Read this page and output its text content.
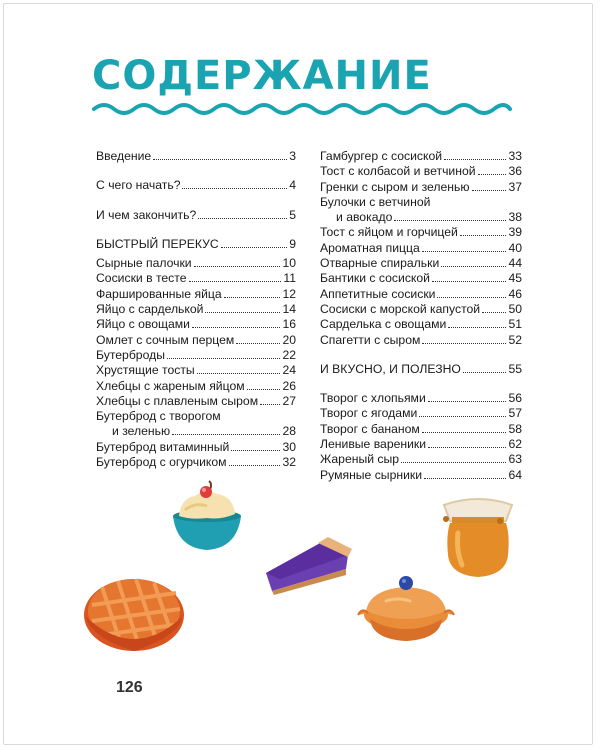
СОДЕРЖАНИЕ
Введение	3
С чего начать?	4
И чем закончить?	5
БЫСТРЫЙ ПЕРЕКУС	9
Сырные палочки	10
Сосиски в тесте	11
Фаршированные яйца	12
Яйцо с сарделькой	14
Яйцо с овощами	16
Омлет с сочным перцем	20
Бутерброды	22
Хрустящие тосты	24
Хлебцы с жареным яйцом	26
Хлебцы с плавленым сыром 27
Бутерброд с творогом
и зеленью	28
Бутерброд витаминный	30
Бутерброд с огурчиком	32
Гамбургер с сосиской	33
Тост с колбасой и ветчиной	36
Гренки с сыром и зеленью	37
Булочки с ветчиной
и авокадо	38
Тост с яйцом и горчицей	39
Ароматная пицца	40
Отварные спиральки	44
Бантики с сосиской	45
Аппетитные сосиски	46
Сосиски с морской капустой 50
Сарделька с овощами	51
Спагетти с сыром	52
И ВКУСНО, И ПОЛЕЗНО	55
Творог с хлопьями	56
Творог с ягодами	57
Творог с бананом	58
Ленивые вареники	62
Жареный сыр	63
Румяные сырники	64
126
